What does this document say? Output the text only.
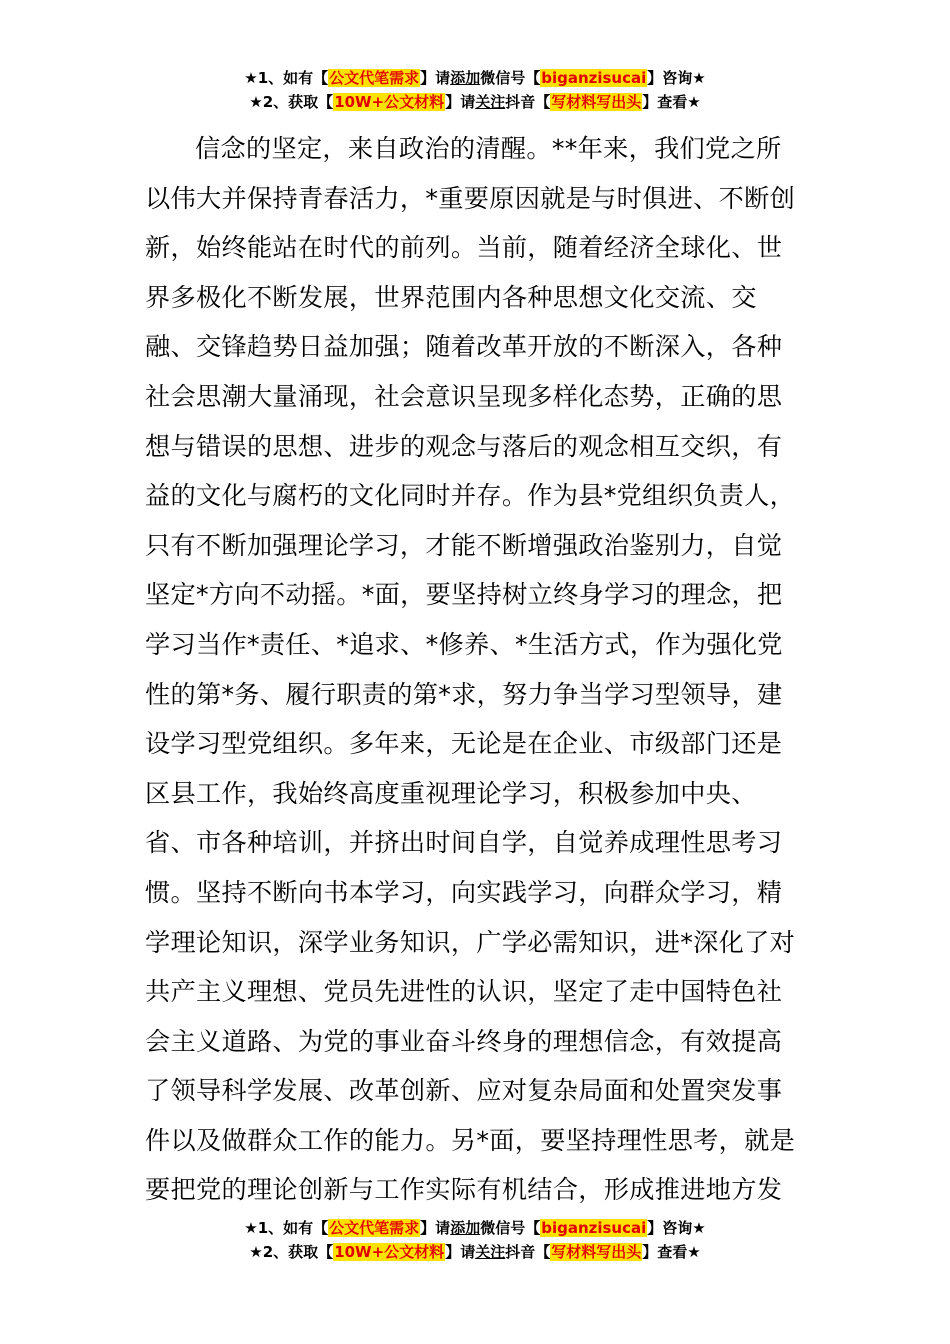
★1、如有【公文代笔需求】请添加微信号【biganzisucai】咨询★
★2、获取【10W+公文材料】请关注抖音【写材料写出头】查看★
信念的坚定，来自政治的清醒。**年来，我们党之所
以伟大并保持青春活力，*重要原因就是与时俱进、不断创
新，始终能站在时代的前列。当前，随着经济全球化、世
界多极化不断发展，世界范围内各种思想文化交流、交
融、交锋趋势日益加强；随着改革开放的不断深入，各种
社会思潮大量涌现，社会意识呈现多样化态势，正确的思
想与错误的思想、进步的观念与落后的观念相互交织，有
益的文化与腐朽的文化同时并存。作为县*党组织负责人，
只有不断加强理论学习，才能不断增强政治鉴别力，自觉
坚定*方向不动摇。*面，要坚持树立终身学习的理念，把
学习当作*责任、*追求、*修养、*生活方式，作为强化党
性的第*务、履行职责的第*求，努力争当学习型领导，建
设学习型党组织。多年来，无论是在企业、市级部门还是
区县工作，我始终高度重视理论学习，积极参加中央、
省、市各种培训，并挤出时间自学，自觉养成理性思考习
惯。坚持不断向书本学习，向实践学习，向群众学习，精
学理论知识，深学业务知识，广学必需知识，进*深化了对
共产主义理想、党员先进性的认识，坚定了走中国特色社
会主义道路、为党的事业奋斗终身的理想信念，有效提高
了领导科学发展、改革创新、应对复杂局面和处置突发事
件以及做群众工作的能力。另*面，要坚持理性思考，就是
要把党的理论创新与工作实际有机结合，形成推进地方发
★1、如有【公文代笔需求】请添加微信号【biganzisucai】咨询★
★2、获取【10W+公文材料】请关注抖音【写材料写出头】查看★
